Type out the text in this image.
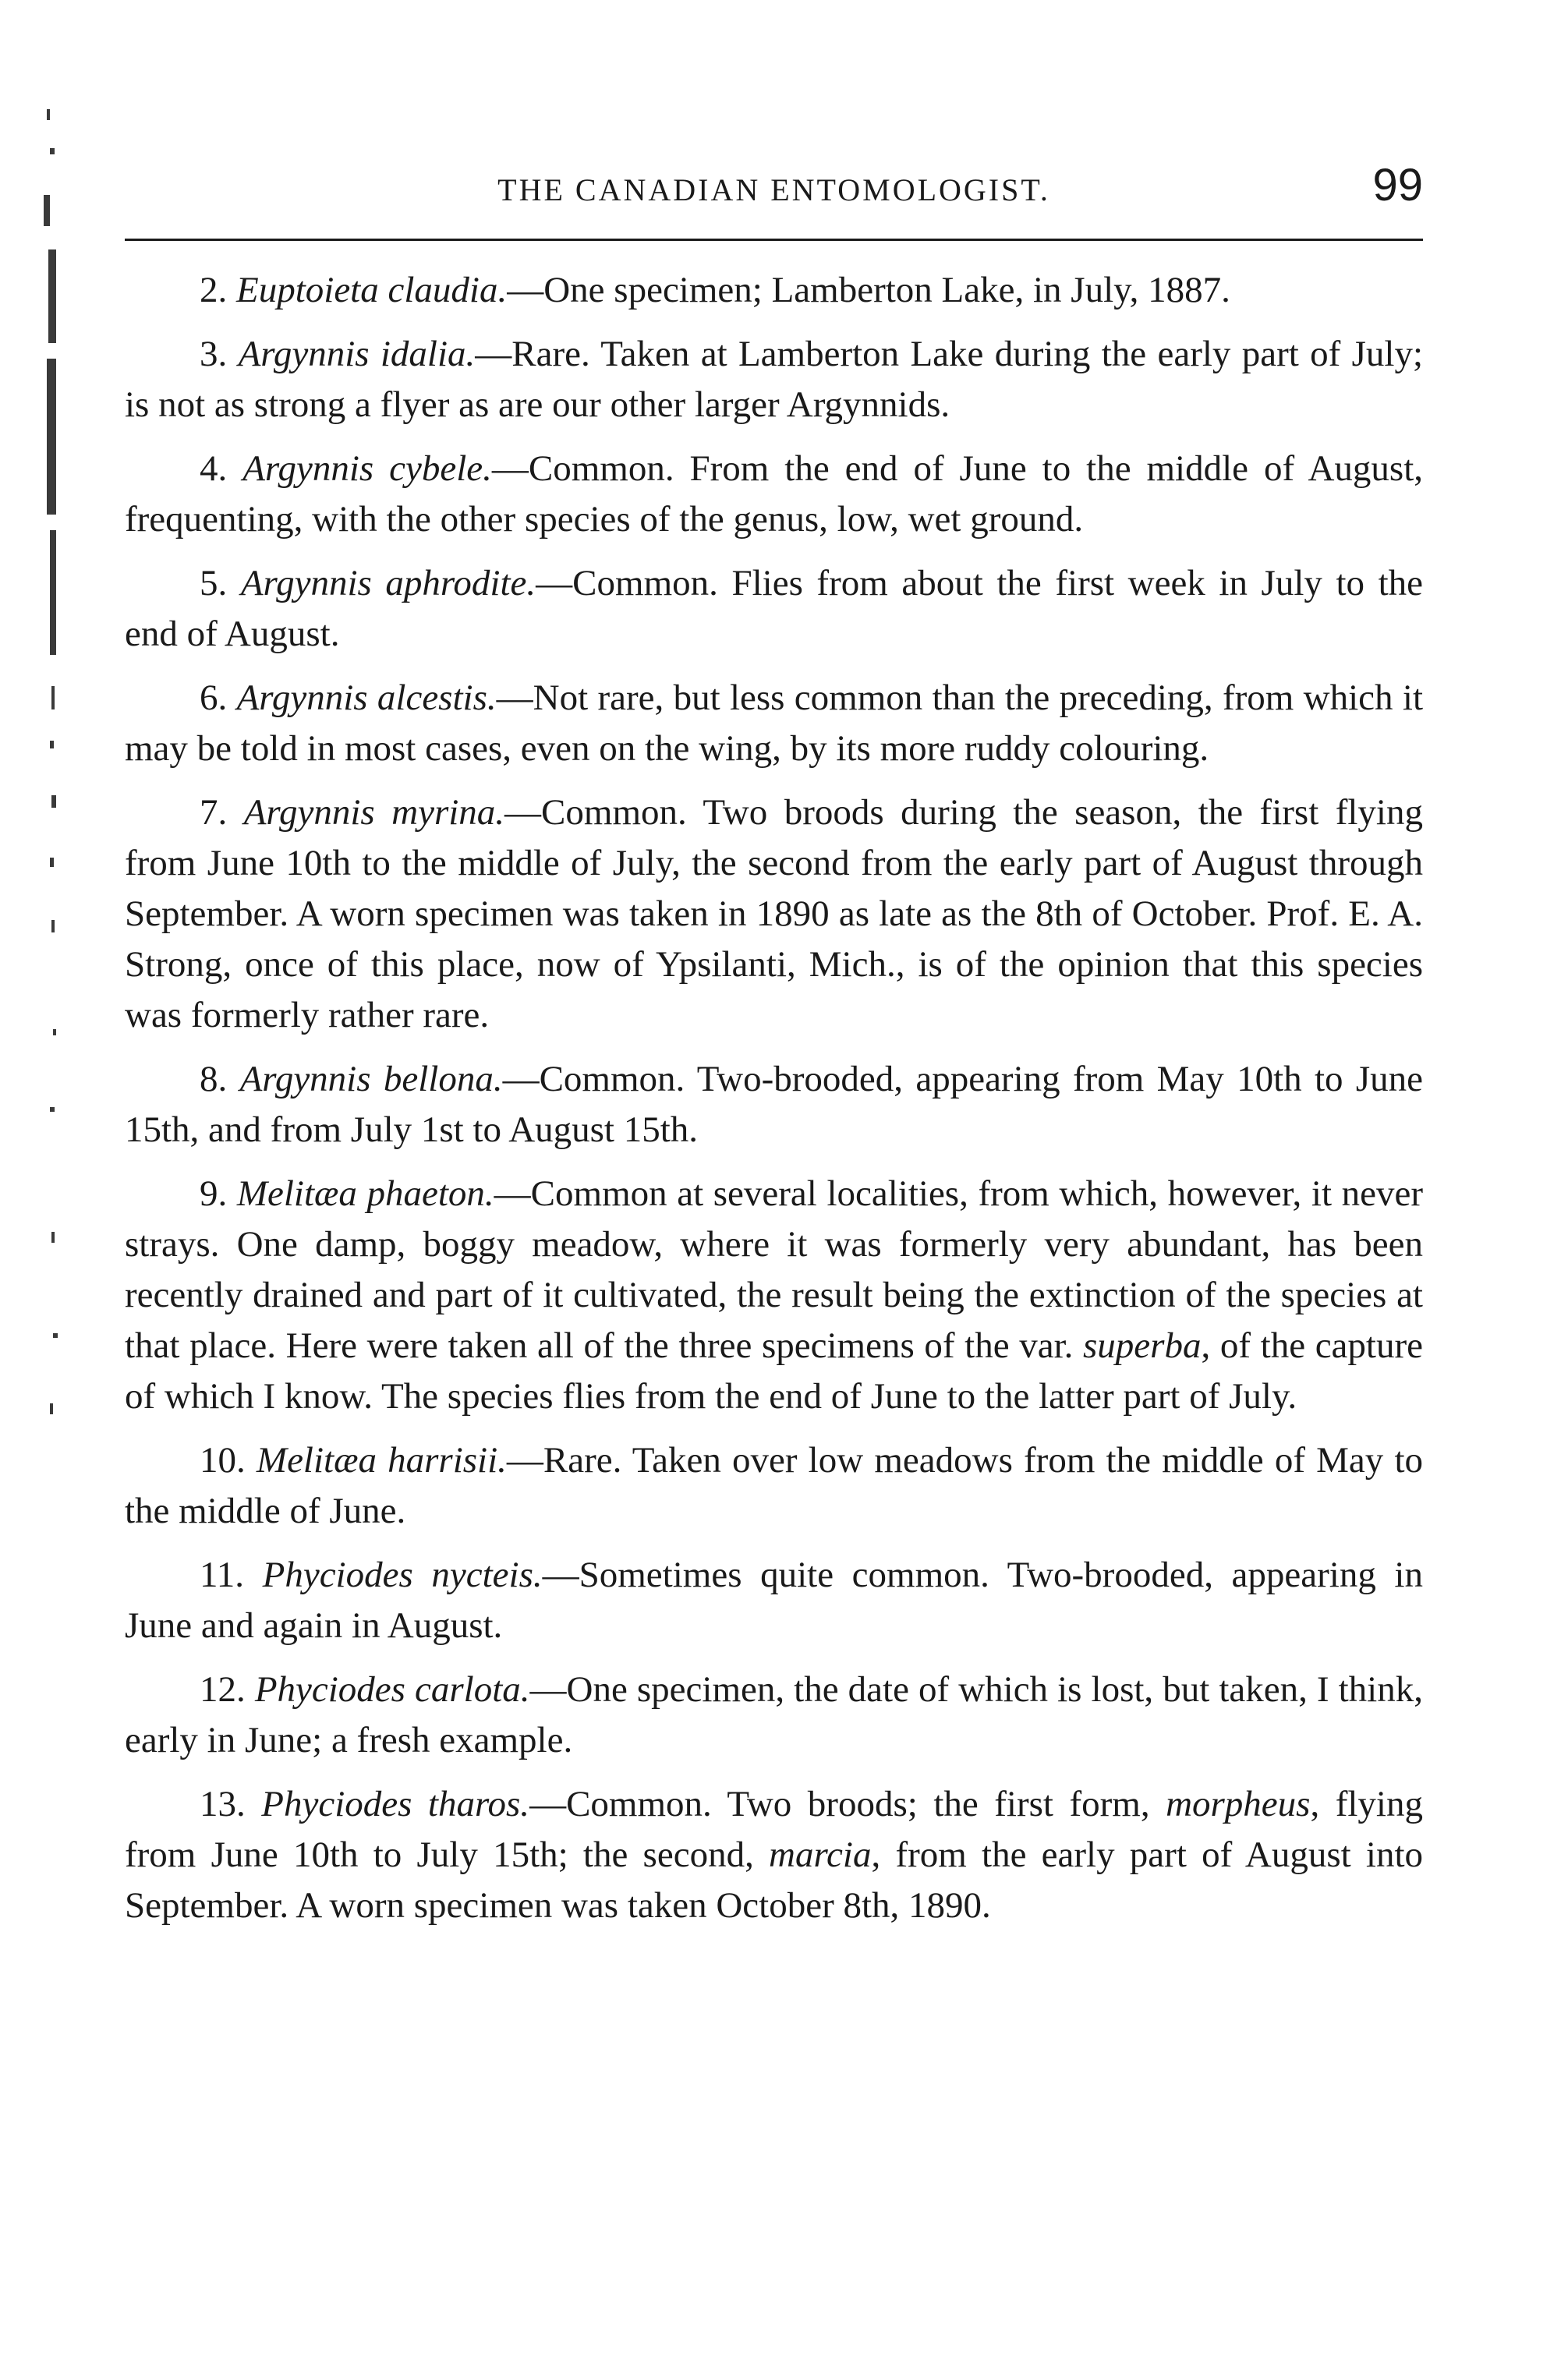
THE CANADIAN ENTOMOLOGIST.	99

2. Euptoieta claudia.—One specimen; Lamberton Lake, in July, 1887.

3. Argynnis idalia.—Rare. Taken at Lamberton Lake during the early part of July; is not as strong a flyer as are our other larger Argynnids.

4. Argynnis cybele.—Common. From the end of June to the middle of August, frequenting, with the other species of the genus, low, wet ground.

5. Argynnis aphrodite.—Common. Flies from about the first week in July to the end of August.

6. Argynnis alcestis.—Not rare, but less common than the preceding, from which it may be told in most cases, even on the wing, by its more ruddy colouring.

7. Argynnis myrina.—Common. Two broods during the season, the first flying from June 10th to the middle of July, the second from the early part of August through September. A worn specimen was taken in 1890 as late as the 8th of October. Prof. E. A. Strong, once of this place, now of Ypsilanti, Mich., is of the opinion that this species was formerly rather rare.

8. Argynnis bellona.—Common. Two-brooded, appearing from May 10th to June 15th, and from July 1st to August 15th.

9. Melitæa phaeton.—Common at several localities, from which, however, it never strays. One damp, boggy meadow, where it was formerly very abundant, has been recently drained and part of it cultivated, the result being the extinction of the species at that place. Here were taken all of the three specimens of the var. superba, of the capture of which I know. The species flies from the end of June to the latter part of July.

10. Melitæa harrisii.—Rare. Taken over low meadows from the middle of May to the middle of June.

11. Phyciodes nycteis.—Sometimes quite common. Two-brooded, appearing in June and again in August.

12. Phyciodes carlota.—One specimen, the date of which is lost, but taken, I think, early in June; a fresh example.

13. Phyciodes tharos.—Common. Two broods; the first form, morpheus, flying from June 10th to July 15th; the second, marcia, from the early part of August into September. A worn specimen was taken October 8th, 1890.
